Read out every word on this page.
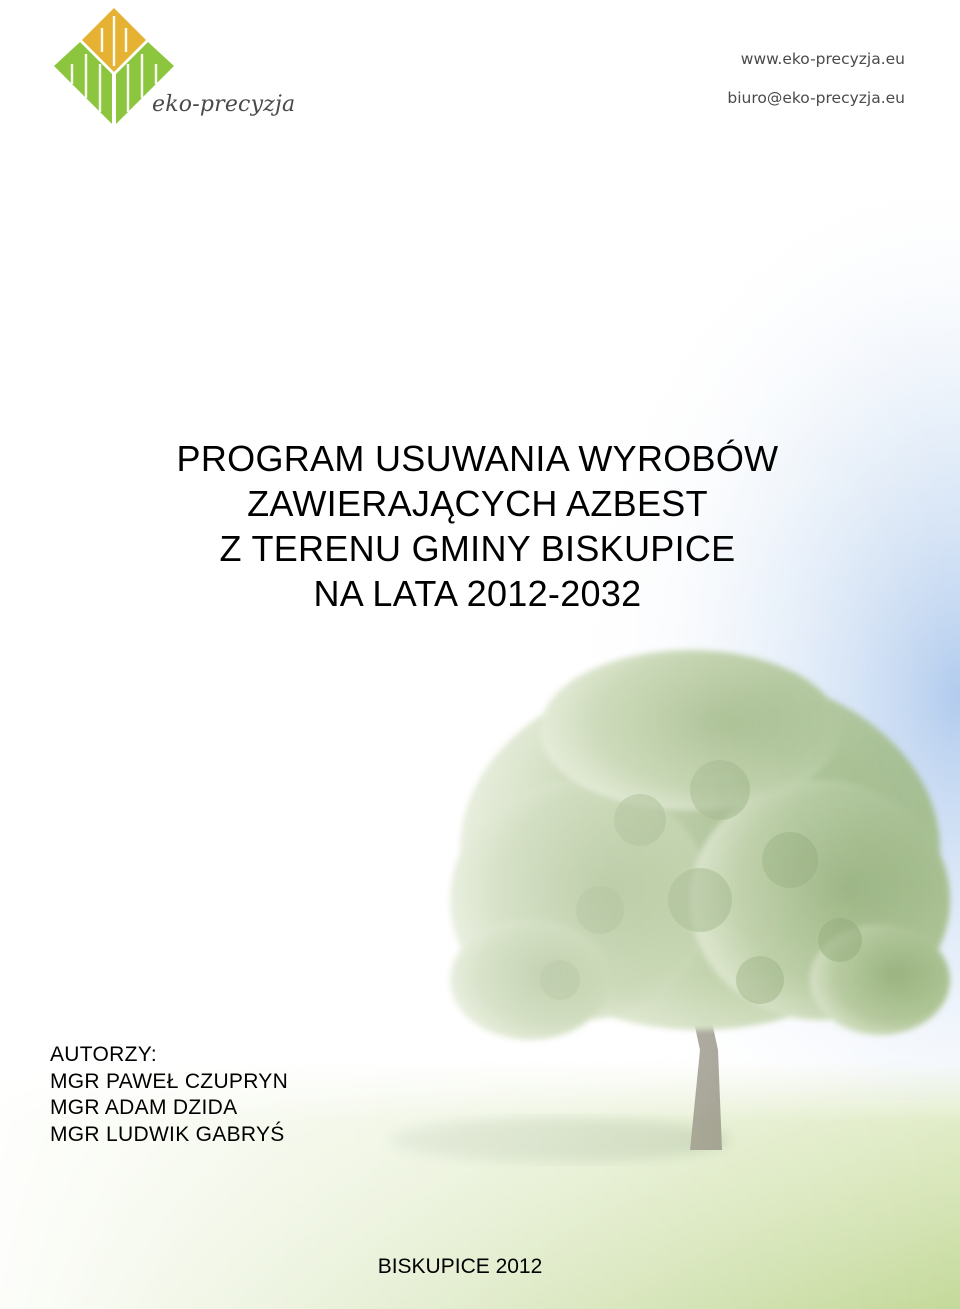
eko-precyzja
www.eko-precyzja.eu
biuro@eko-precyzja.eu
PROGRAM USUWANIA WYROBÓW
ZAWIERAJĄCYCH AZBEST
Z TERENU GMINY BISKUPICE
NA LATA 2012-2032
AUTORZY:
MGR PAWEŁ CZUPRYN
MGR ADAM DZIDA
MGR LUDWIK GABRYŚ
BISKUPICE 2012
